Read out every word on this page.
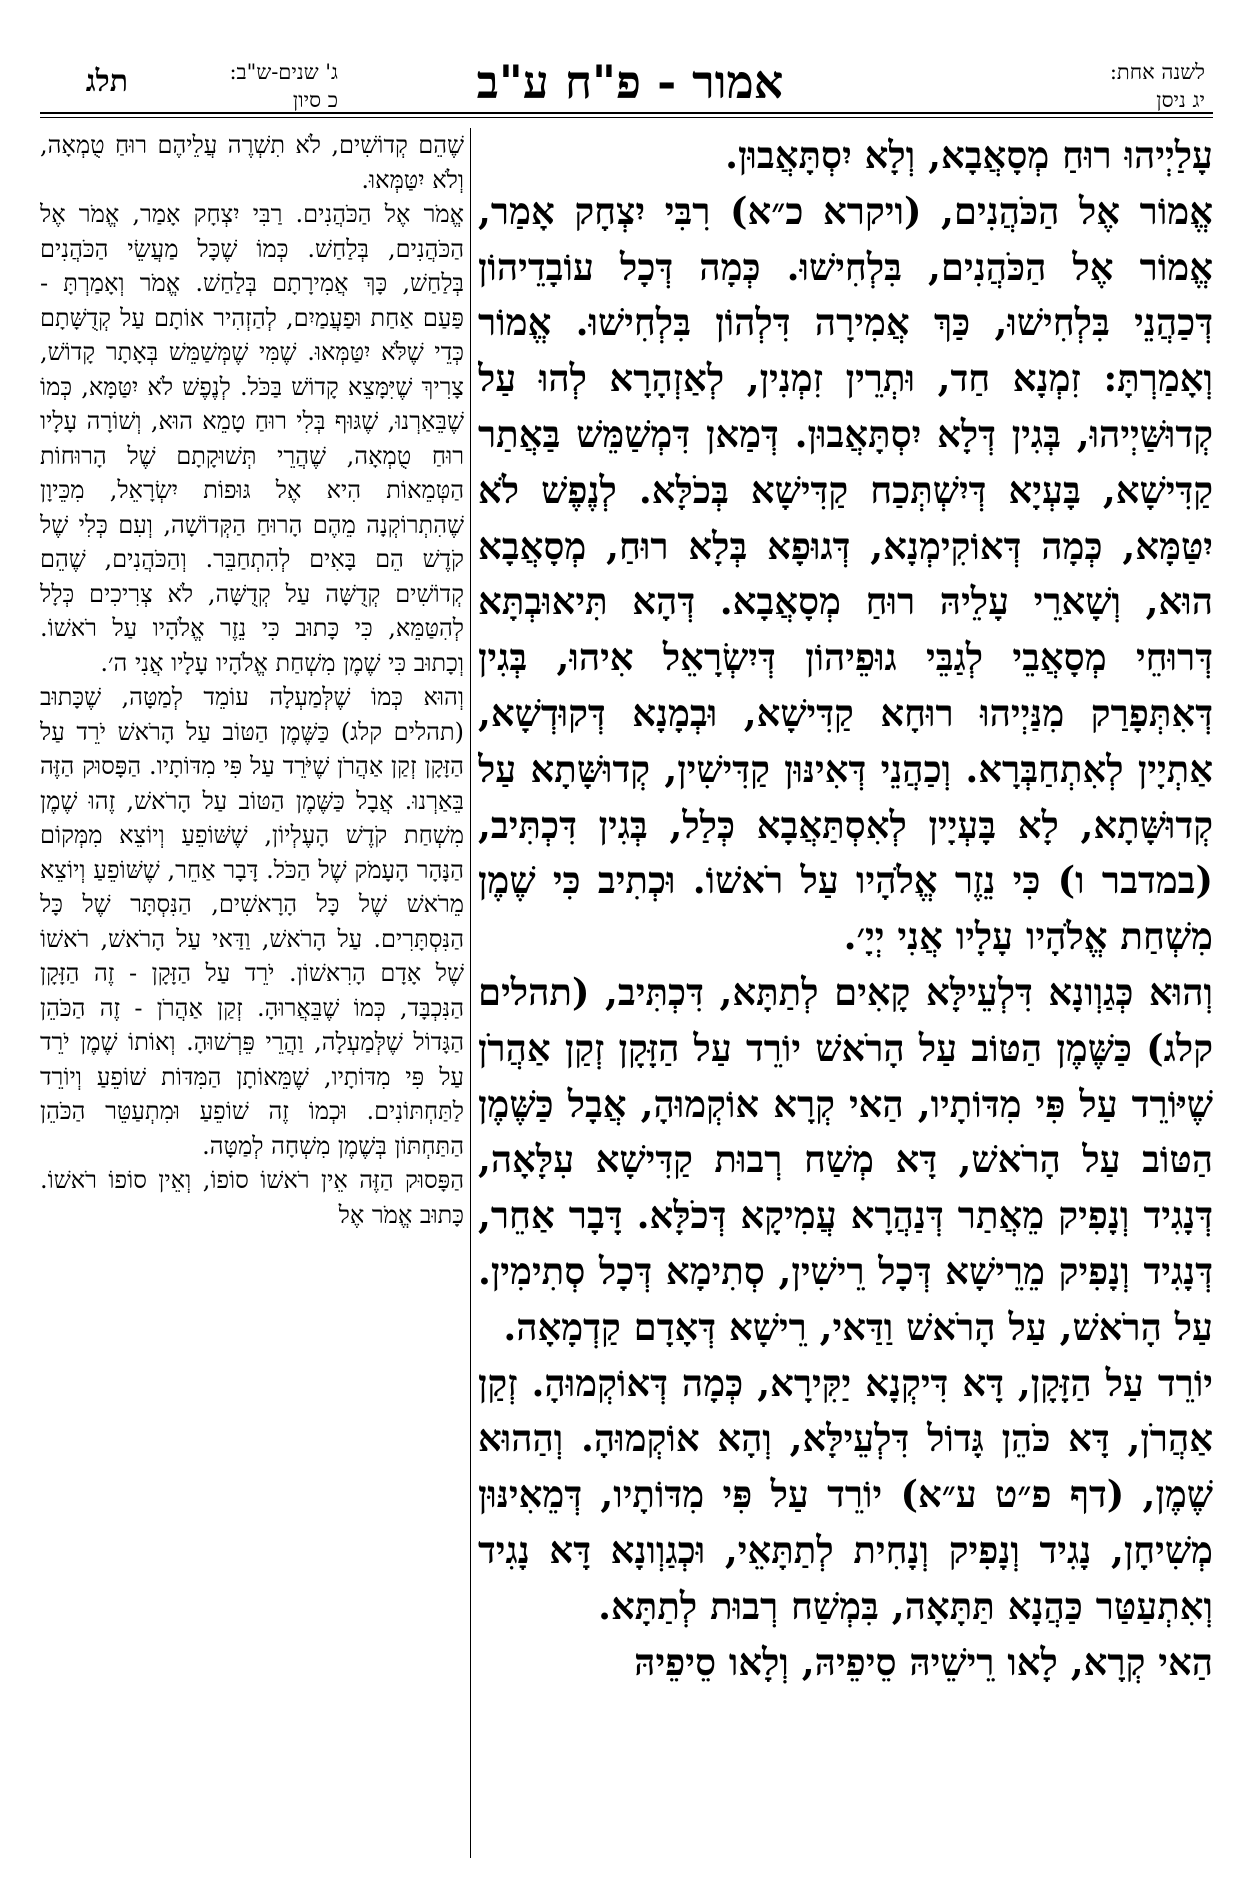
לשנה אחת:
יג ניסן
אמור - פ"ח ע"ב
ג' שנים-ש"ב:
כ סיון
תלג

עָלַיְיהוּ רוּחַ מְסָאֲבָא, וְלָא יִסְתָּאֲבוּן.

אֱמוֹר אֶל הַכֹּהֲנִים, (ויקרא כ״א) רִבִּי יִצְחָק אָמַר, אֱמוֹר אֶל הַכֹּהֲנִים, בִּלְחִישׁוּ. כְּמָה דְּכָל עוֹבָדֵיהוֹן דְּכַהֲנֵי בִּלְחִישׁוּ, כַּךְ אֲמִירָה דִּלְהוֹן בִּלְחִישׁוּ. אֱמוֹר וְאָמַרְתָּ: זִמְנָא חַד, וּתְרֵין זִמְנִין, לְאַזְהָרָא לְהוּ עַל קְדוּשַּׁיְיהוּ, בְּגִין דְּלָא יִסְתָּאֲבוּן. דְּמַאן דִּמְשַׁמֵּשׁ בַּאֲתַר קַדִּישָׁא, בָּעְיָא דְּיִשְׁתְּכַח קַדִּישָׁא בְּכֹלָּא. לְנֶפֶשׁ לֹא יִטַּמָּא, כְּמָה דְּאוֹקִימְנָא, דְּגוּפָא בְּלָא רוּחַ, מְסָאֲבָא הוּא, וְשָׁארֵי עָלֵיהּ רוּחַ מְסָאֲבָא. דְּהָא תִּיאוּבְתָּא דְּרוּחֵי מְסָאֲבֵי לְגַבֵּי גוּפֵיהוֹן דְּיִשְׂרָאֵל אִיהוּ, בְּגִין דְּאִתְּפָרַק מִנַּיְיהוּ רוּחָא קַדִּישָׁא, וּבְמָנָא דְּקוּדְשָׁא, אַתְיָין לְאִתְחַבְּרָא. וְכַהֲנֵי דְּאִינּוּן קַדִּישִׁין, קְדוּשָּׁתָא עַל קְדוּשָּׁתָא, לָא בָּעְיָין לְאִסְתַּאֲבָא כְּלַל, בְּגִין דִּכְתִּיב, (במדבר ו) כִּי נֵזֶר אֱלֹהָיו עַל רֹאשׁוֹ. וּכְתִיב כִּי שֶׁמֶן מִשְׁחַת אֱלֹהָיו עָלָיו אֲנִי יְיָ׳.

וְהוּא כְּגַוְונָא דִּלְעֵילָּא קָאִים לְתַתָּא, דִּכְתִּיב, (תהלים קלג) כַּשֶּׁמֶן הַטּוֹב עַל הָרֹאשׁ יוֹרֵד עַל הַזָּקָן זְקַן אַהֲרֹן שֶׁיּוֹרֵד עַל פִּי מִדּוֹתָיו, הַאי קְרָא אוֹקְמוּהָ, אֲבָל כַּשֶּׁמֶן הַטּוֹב עַל הָרֹאשׁ, דָּא מְשַׁח רְבוּת קַדִּישָׁא עִלָּאָה, דְּנָגִיד וְנָפִיק מֵאֲתַר דְּנַהֲרָא עֲמִיקָא דְּכֹלָּא. דָּבָר אַחֵר, דְּנָגִיד וְנָפִיק מֵרֵישָׁא דְּכָל רֵישִׁין, סְתִימָא דְּכָל סְתִימִין. עַל הָרֹאשׁ, עַל הָרֹאשׁ וַדַּאי, רֵישָׁא דְּאָדָם קַדְמָאָה.

יוֹרֵד עַל הַזָּקָן, דָּא דִּיקְנָא יַקִּירָא, כְּמָה דְּאוֹקְמוּהָ. זְקַן אַהֲרֹן, דָּא כֹּהֵן גָּדוֹל דִּלְעֵילָּא, וְהָא אוֹקְמוּהָ. וְהַהוּא שֶׁמֶן, (דף פ״ט ע״א) יוֹרֵד עַל פִּי מִדּוֹתָיו, דְּמֵאִינּוּן מְשִׁיחָן, נָגִיד וְנָפִיק וְנָחִית לְתַתָּאֵי, וּכְגַוְונָא דָּא נָגִיד וְאִתְעַטַּר כַּהֲנָא תַּתָּאָה, בִּמְשַׁח רְבוּת לְתַתָּא.

הַאי קְרָא, לָאו רֵישֵׁיהּ סֵיפֵיהּ, וְלָאו סֵיפֵיהּ

שֶׁהֵם קְדוֹשִׁים, לֹא תִשְׁרֶה עֲלֵיהֶם רוּחַ טֻמְאָה, וְלֹא יִטַּמְּאוּ.

אֱמֹר אֶל הַכֹּהֲנִים. רַבִּי יִצְחָק אָמַר, אֱמֹר אֶל הַכֹּהֲנִים, בְּלַחַשׁ. כְּמוֹ שֶׁכָּל מַעֲשֵׂי הַכֹּהֲנִים בְּלַחַשׁ, כָּךְ אֲמִירָתָם בְּלַחַשׁ. אֱמֹר וְאָמַרְתָּ - פַּעַם אַחַת וּפַעֲמַיִם, לְהַזְהִיר אוֹתָם עַל קְדֻשָּׁתָם כְּדֵי שֶׁלֹּא יִטַּמְּאוּ. שֶׁמִּי שֶׁמְּשַׁמֵּשׁ בְּאָתָר קָדוֹשׁ, צָרִיךְ שֶׁיִּמָּצֵא קָדוֹשׁ בַּכֹּל. לְנֶפֶשׁ לֹא יִטַּמָּא, כְּמוֹ שֶׁבֵּאַרְנוּ, שֶׁגּוּף בְּלִי רוּחַ טָמֵא הוּא, וְשׁוֹרָה עָלָיו רוּחַ טֻמְאָה, שֶׁהֲרֵי תְּשׁוּקָתָם שֶׁל הָרוּחוֹת הַטְּמֵאוֹת הִיא אֶל גּוּפוֹת יִשְׂרָאֵל, מִכֵּיוָן שֶׁהִתְרוֹקְנָה מֵהֶם הָרוּחַ הַקְּדוֹשָׁה, וְעִם כְּלִי שֶׁל קֹדֶשׁ הֵם בָּאִים לְהִתְחַבֵּר. וְהַכֹּהֲנִים, שֶׁהֵם קְדוֹשִׁים קְדֻשָּׁה עַל קְדֻשָּׁה, לֹא צְרִיכִים כְּלָל לְהִטַּמֵּא, כִּי כָּתוּב כִּי נֵזֶר אֱלֹהָיו עַל רֹאשׁוֹ. וְכָתוּב כִּי שֶׁמֶן מִשְׁחַת אֱלֹהָיו עָלָיו אֲנִי ה׳.

וְהוּא כְּמוֹ שֶׁלְּמַעְלָה עוֹמֵד לְמַטָּה, שֶׁכָּתוּב (תהלים קלג) כַּשֶּׁמֶן הַטּוֹב עַל הָרֹאשׁ יֹרֵד עַל הַזָּקָן זְקַן אַהֲרֹן שֶׁיֹּרֵד עַל פִּי מִדּוֹתָיו. הַפָּסוּק הַזֶּה בֵּאַרְנוּ. אֲבָל כַּשֶּׁמֶן הַטּוֹב עַל הָרֹאשׁ, זֶהוּ שֶׁמֶן מִשְׁחַת קֹדֶשׁ הָעֶלְיוֹן, שֶׁשּׁוֹפֵעַ וְיוֹצֵא מִמְּקוֹם הַנָּהָר הָעָמֹק שֶׁל הַכֹּל. דָּבָר אַחֵר, שֶׁשּׁוֹפֵעַ וְיוֹצֵא מֵרֹאשׁ שֶׁל כָּל הָרָאשִׁים, הַנִּסְתָּר שֶׁל כָּל הַנִּסְתָּרִים. עַל הָרֹאשׁ, וַדַּאי עַל הָרֹאשׁ, רֹאשׁוֹ שֶׁל אָדָם הָרִאשׁוֹן. יֹרֵד עַל הַזָּקָן - זֶה הַזָּקָן הַנִּכְבָּד, כְּמוֹ שֶׁבֵּאֲרוּהָ. זְקַן אַהֲרֹן - זֶה הַכֹּהֵן הַגָּדוֹל שֶׁלְּמַעְלָה, וַהֲרֵי פֵּרְשׁוּהָ. וְאוֹתוֹ שֶׁמֶן יֹרֵד עַל פִּי מִדּוֹתָיו, שֶׁמֵּאוֹתָן הַמִּדּוֹת שׁוֹפֵעַ וְיוֹרֵד לַתַּחְתּוֹנִים. וּכְמוֹ זֶה שׁוֹפֵעַ וּמִתְעַטֵּר הַכֹּהֵן הַתַּחְתּוֹן בְּשֶׁמֶן מִשְׁחָה לְמַטָּה.

הַפָּסוּק הַזֶּה אֵין רֹאשׁוֹ סוֹפוֹ, וְאֵין סוֹפוֹ רֹאשׁוֹ. כָּתוּב אֱמֹר אֶל
